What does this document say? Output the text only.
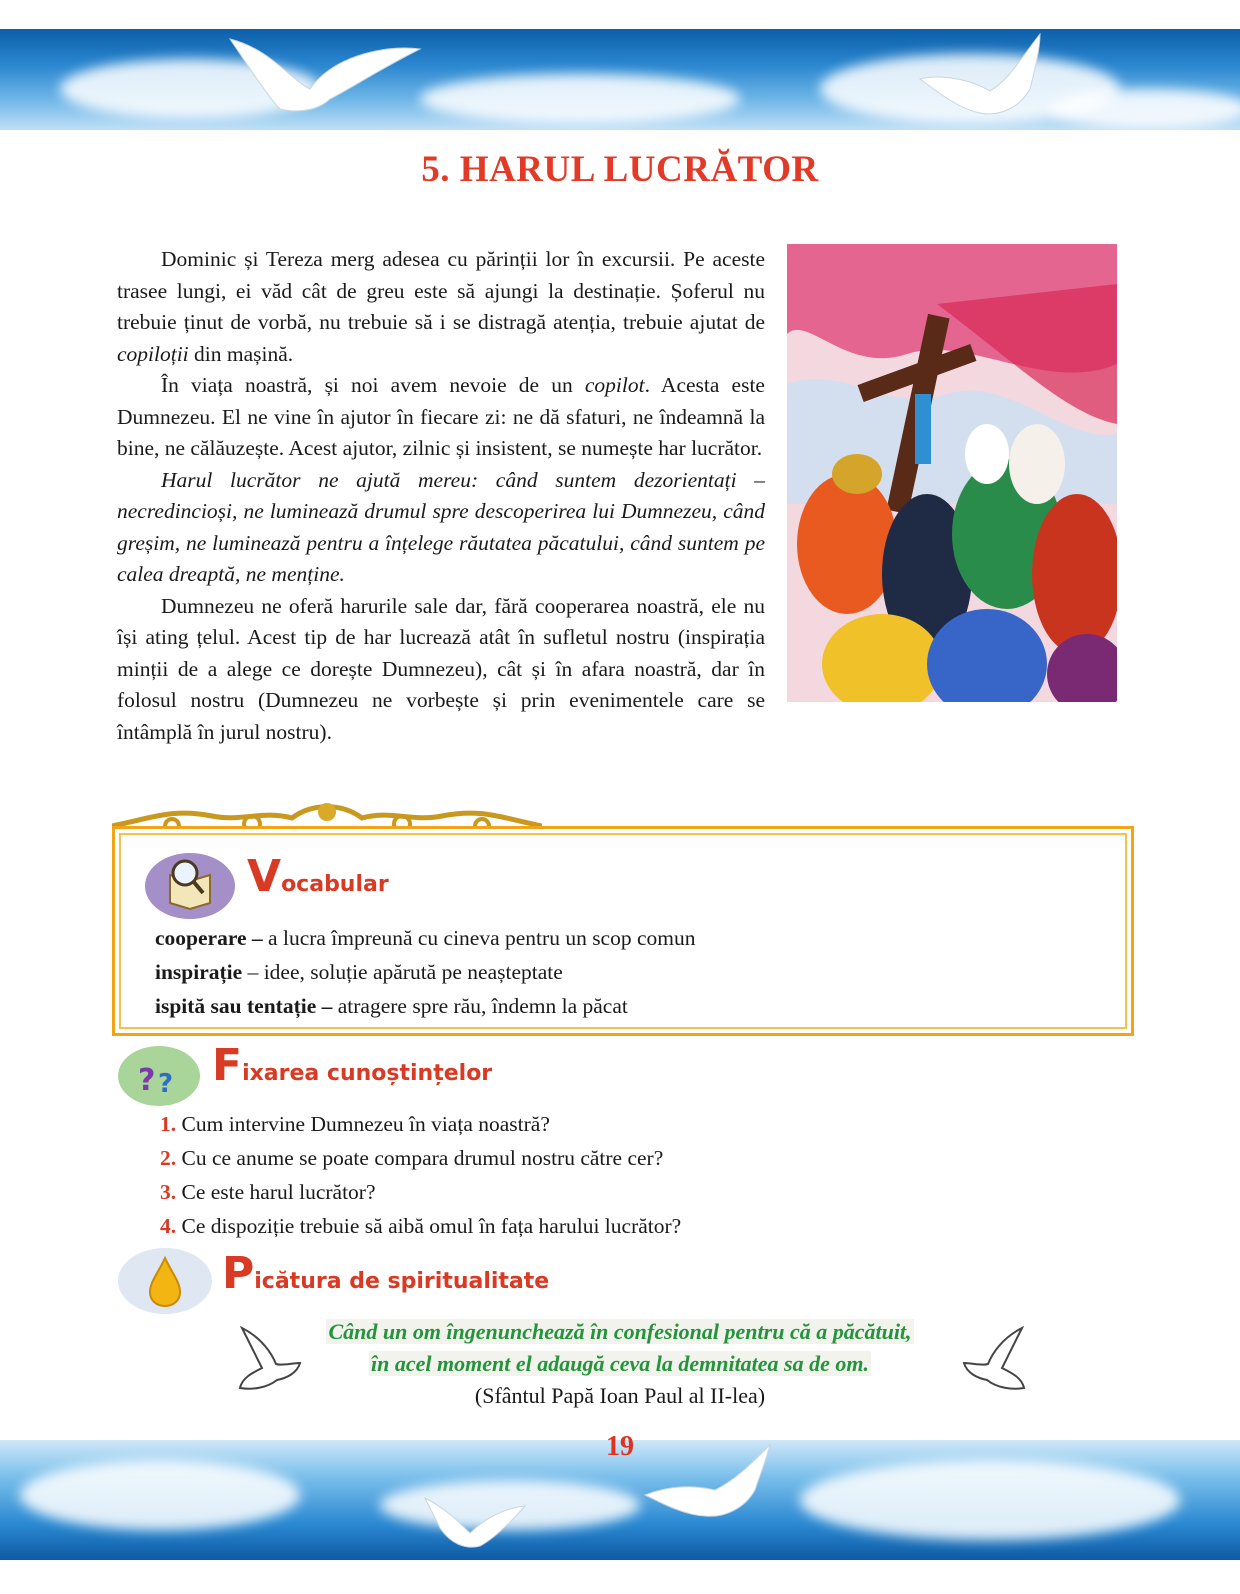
5. HARUL LUCRĂTOR

Dominic și Tereza merg adesea cu părinții lor în excursii. Pe aceste trasee lungi, ei văd cât de greu este să ajungi la destinație. Șoferul nu trebuie ținut de vorbă, nu trebuie să i se distragă atenția, trebuie ajutat de copiloții din mașină.

În viața noastră, și noi avem nevoie de un copilot. Acesta este Dumnezeu. El ne vine în ajutor în fiecare zi: ne dă sfaturi, ne îndeamnă la bine, ne călăuzește. Acest ajutor, zilnic și insistent, se numește har lucrător.

Harul lucrător ne ajută mereu: când suntem dezorientați – necredincioși, ne luminează drumul spre descoperirea lui Dumnezeu, când greșim, ne luminează pentru a înțelege răutatea păcatului, când suntem pe calea dreaptă, ne menține.

Dumnezeu ne oferă harurile sale dar, fără cooperarea noastră, ele nu își ating țelul. Acest tip de har lucrează atât în sufletul nostru (inspirația minții de a alege ce dorește Dumnezeu), cât și în afara noastră, dar în folosul nostru (Dumnezeu ne vorbește și prin evenimentele care se întâmplă în jurul nostru).

Vocabular
cooperare – a lucra împreună cu cineva pentru un scop comun
inspirație – idee, soluție apărută pe neașteptate
ispită sau tentație – atragere spre rău, îndemn la păcat
? ? Fixarea cunoștințelor
1. Cum intervine Dumnezeu în viața noastră?
2. Cu ce anume se poate compara drumul nostru către cer?
3. Ce este harul lucrător?
4. Ce dispoziție trebuie să aibă omul în fața harului lucrător?
Picătura de spiritualitate
Când un om îngenunchează în confesional pentru că a păcătuit,
în acel moment el adaugă ceva la demnitatea sa de om.
(Sfântul Papă Ioan Paul al II-lea)
19
